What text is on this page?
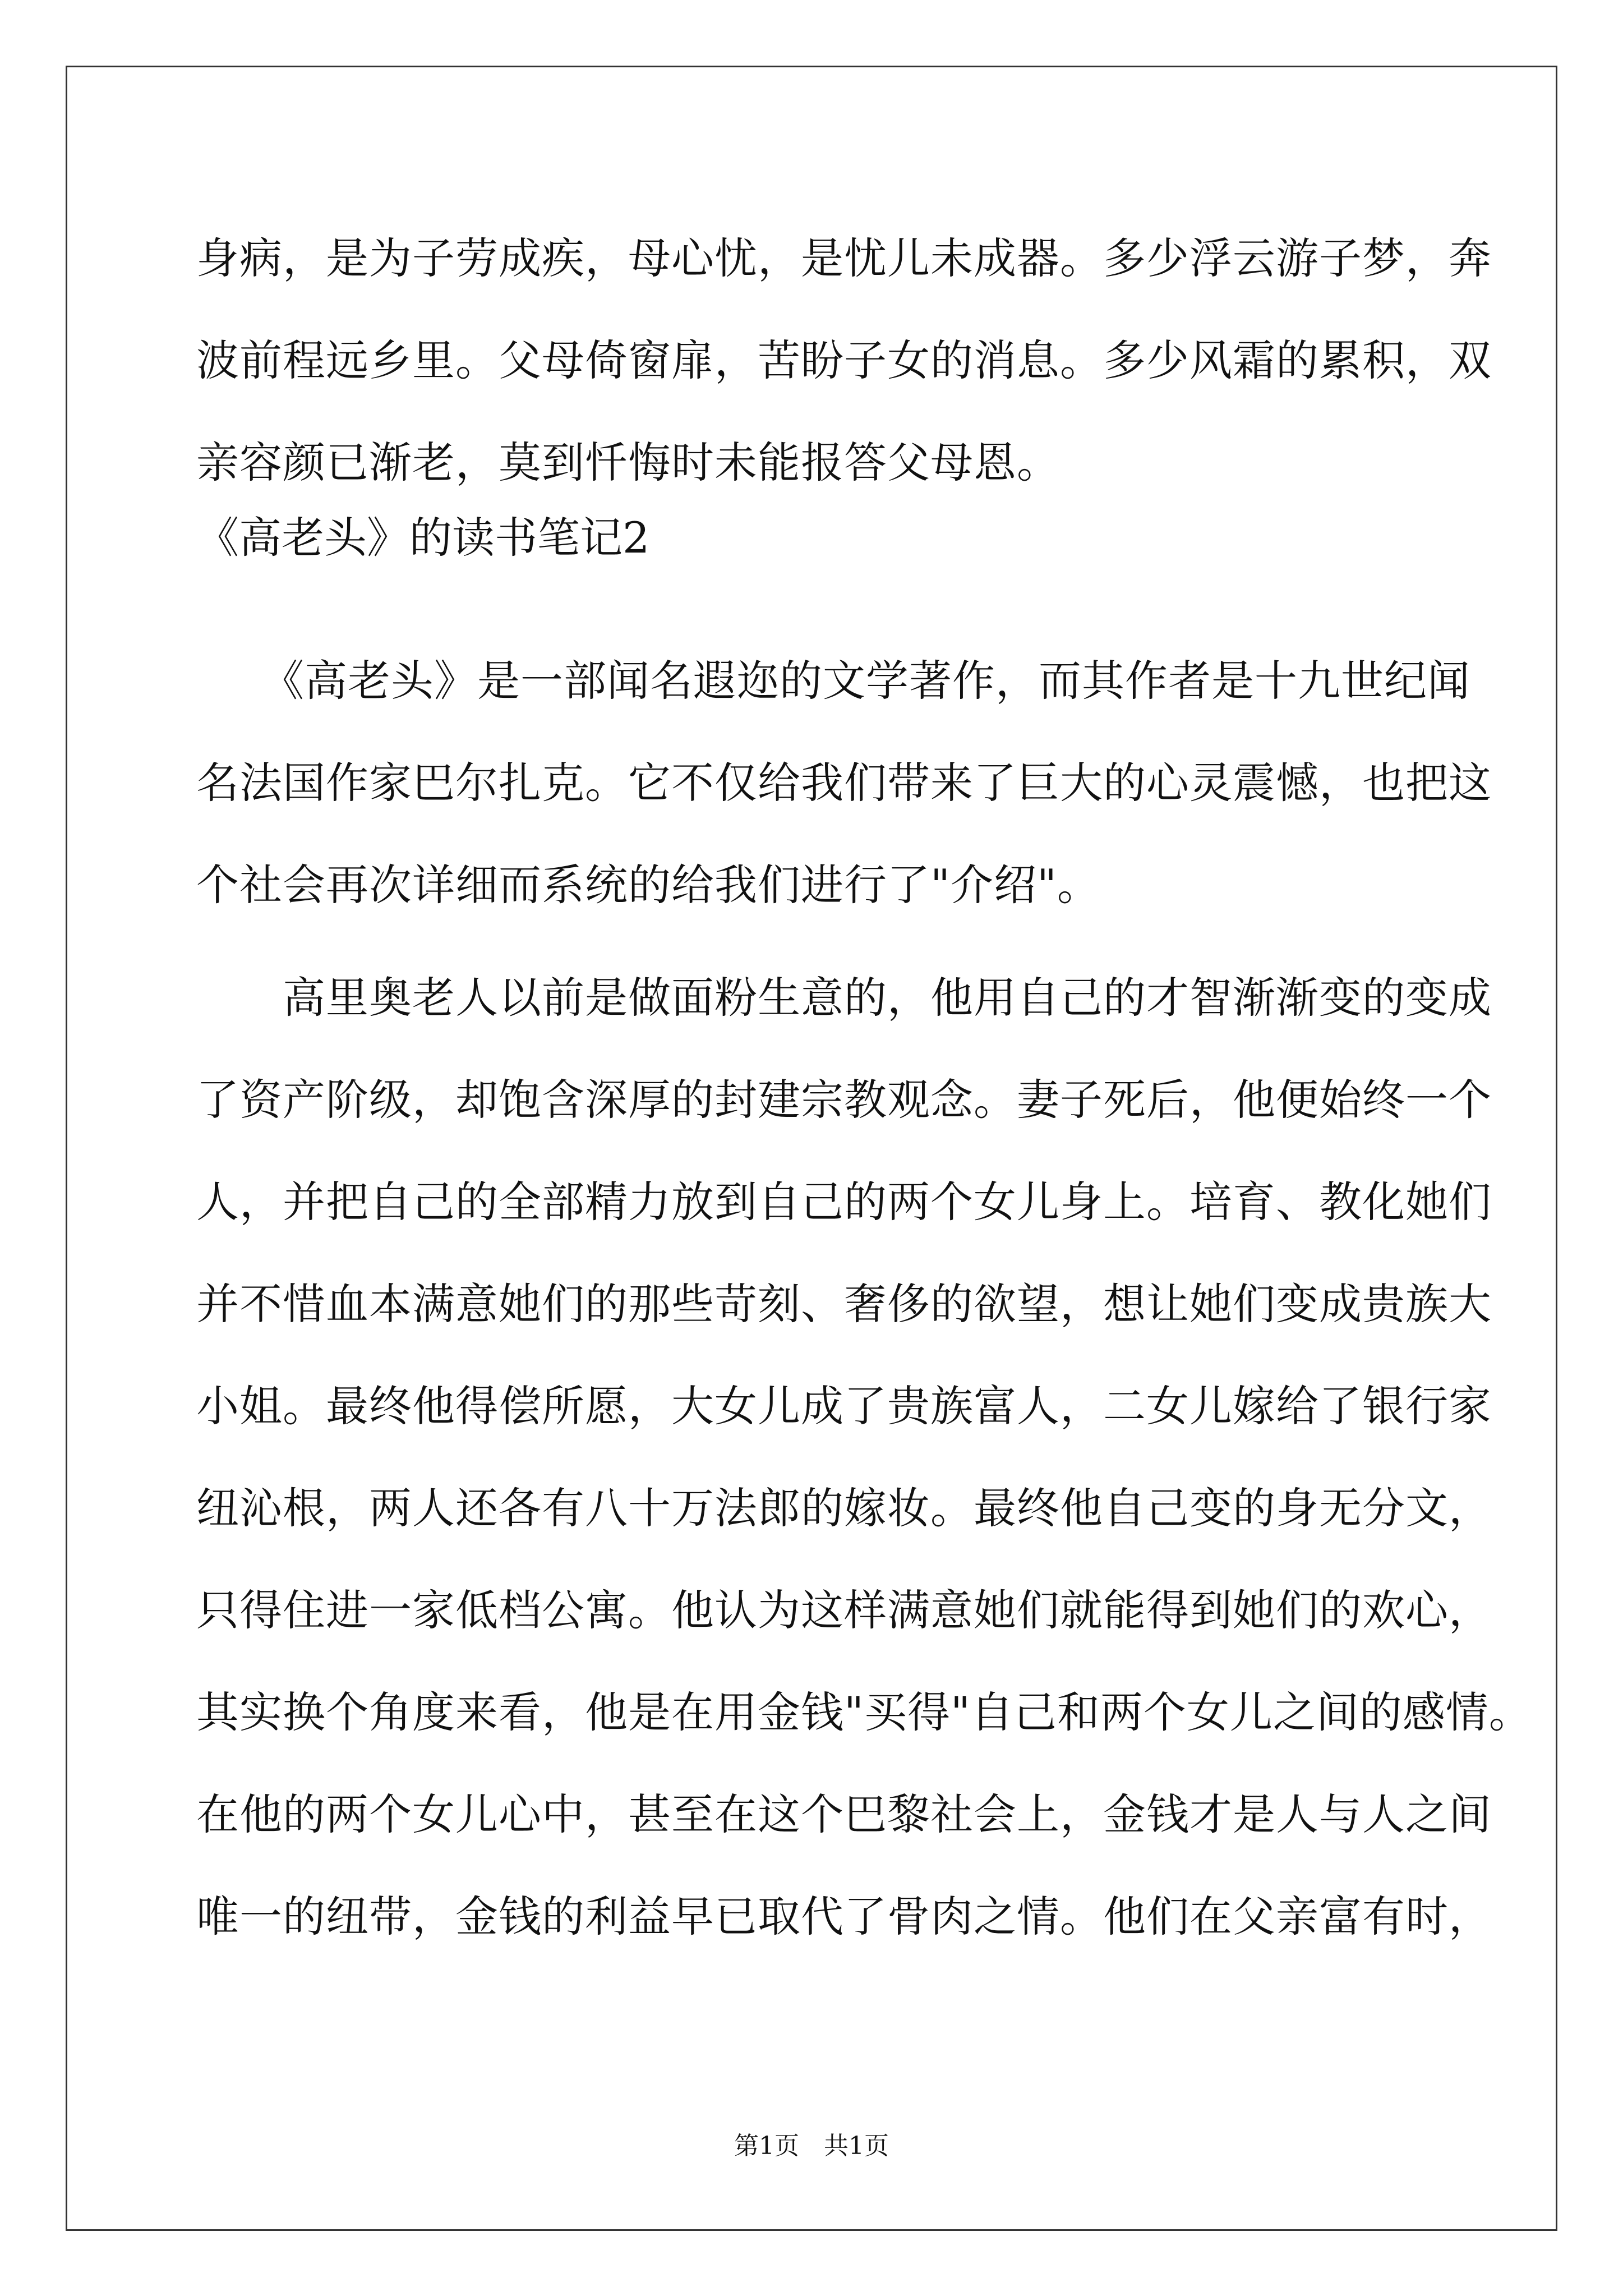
身病，是为子劳成疾，母心忧，是忧儿未成器。多少浮云游子梦，奔
波前程远乡里。父母倚窗扉，苦盼子女的消息。多少风霜的累积，双
亲容颜已渐老，莫到忏悔时未能报答父母恩。
《高老头》的读书笔记2
　　《高老头》是一部闻名遐迩的文学著作，而其作者是十九世纪闻
名法国作家巴尔扎克。它不仅给我们带来了巨大的心灵震憾，也把这
个社会再次详细而系统的给我们进行了"介绍"。
　　高里奥老人以前是做面粉生意的，他用自己的才智渐渐变的变成
了资产阶级，却饱含深厚的封建宗教观念。妻子死后，他便始终一个
人，并把自己的全部精力放到自己的两个女儿身上。培育、教化她们
并不惜血本满意她们的那些苛刻、奢侈的欲望，想让她们变成贵族大
小姐。最终他得偿所愿，大女儿成了贵族富人，二女儿嫁给了银行家
纽沁根，两人还各有八十万法郎的嫁妆。最终他自己变的身无分文，
只得住进一家低档公寓。他认为这样满意她们就能得到她们的欢心，
其实换个角度来看，他是在用金钱"买得"自己和两个女儿之间的感情。
在他的两个女儿心中，甚至在这个巴黎社会上，金钱才是人与人之间
唯一的纽带，金钱的利益早已取代了骨肉之情。他们在父亲富有时，
第1页　共1页
